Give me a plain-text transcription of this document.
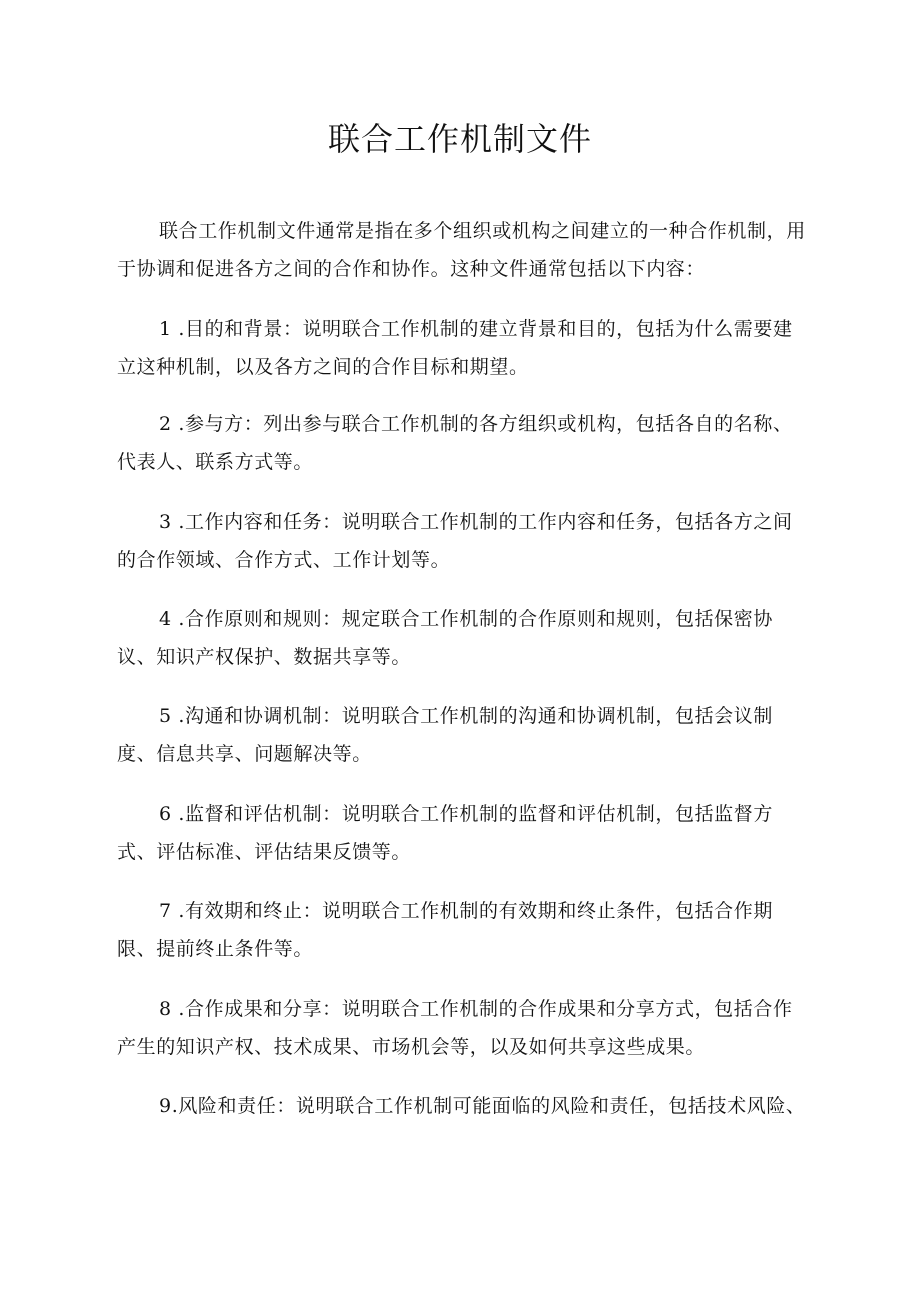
联合工作机制文件

联合工作机制文件通常是指在多个组织或机构之间建立的一种合作机制，用于协调和促进各方之间的合作和协作。这种文件通常包括以下内容：

1 .目的和背景：说明联合工作机制的建立背景和目的，包括为什么需要建立这种机制，以及各方之间的合作目标和期望。

2 .参与方：列出参与联合工作机制的各方组织或机构，包括各自的名称、代表人、联系方式等。

3 .工作内容和任务：说明联合工作机制的工作内容和任务，包括各方之间的合作领域、合作方式、工作计划等。

4 .合作原则和规则：规定联合工作机制的合作原则和规则，包括保密协议、知识产权保护、数据共享等。

5 .沟通和协调机制：说明联合工作机制的沟通和协调机制，包括会议制度、信息共享、问题解决等。

6 .监督和评估机制：说明联合工作机制的监督和评估机制，包括监督方式、评估标准、评估结果反馈等。

7 .有效期和终止：说明联合工作机制的有效期和终止条件，包括合作期限、提前终止条件等。

8 .合作成果和分享：说明联合工作机制的合作成果和分享方式，包括合作产生的知识产权、技术成果、市场机会等，以及如何共享这些成果。

9.风险和责任：说明联合工作机制可能面临的风险和责任，包括技术风险、
